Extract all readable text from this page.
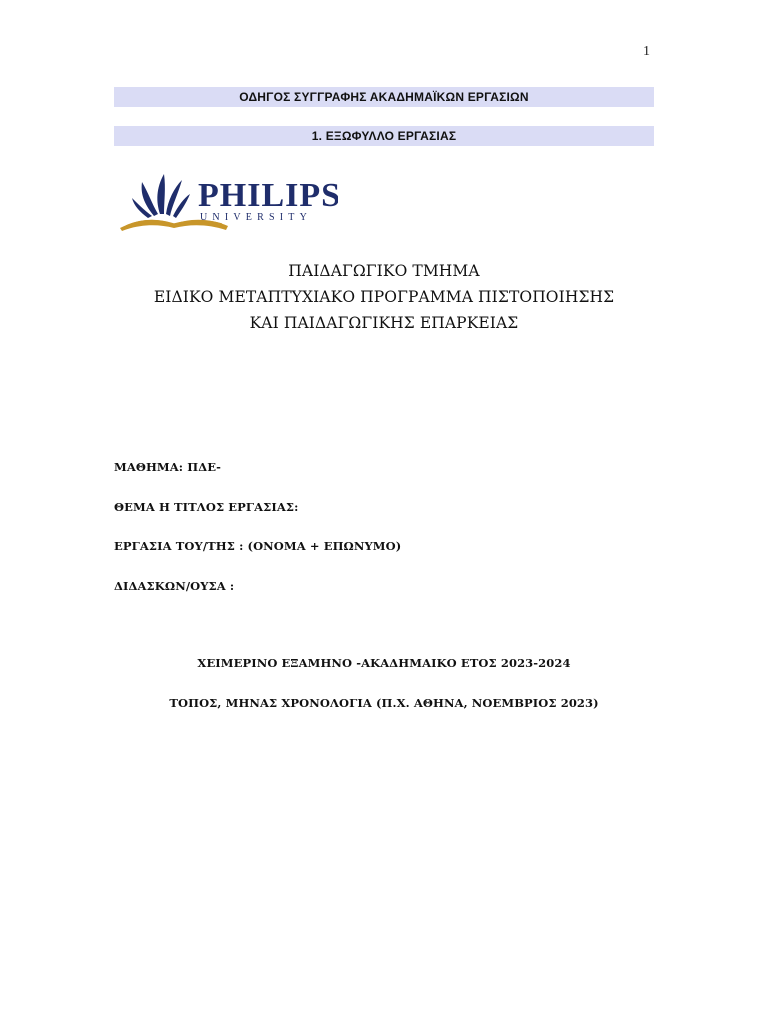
1
ΟΔΗΓΟΣ ΣΥΓΓΡΑΦΗΣ ΑΚΑΔΗΜΑΪΚΩΝ ΕΡΓΑΣΙΩΝ
1. ΕΞΩΦΥΛΛΟ ΕΡΓΑΣΙΑΣ
PHILIPS
UNIVERSITY
ΠΑΙΔΑΓΩΓΙΚΟ ΤΜΗΜΑ
ΕΙΔΙΚΟ ΜΕΤΑΠΤΥΧΙΑΚΟ ΠΡΟΓΡΑΜΜΑ ΠΙΣΤΟΠΟΙΗΣΗΣ
ΚΑΙ ΠΑΙΔΑΓΩΓΙΚΗΣ ΕΠΑΡΚΕΙΑΣ
ΜΑΘΗΜΑ: ΠΔΕ-
ΘΕΜΑ Η ΤΙΤΛΟΣ ΕΡΓΑΣΙΑΣ:
ΕΡΓΑΣΙΑ ΤΟΥ/ΤΗΣ : (ΟΝΟΜΑ + ΕΠΩΝΥΜΟ)
ΔΙΔΑΣΚΩΝ/ΟΥΣΑ :
ΧΕΙΜΕΡΙΝΟ ΕΞΑΜΗΝΟ -ΑΚΑΔΗΜΑΙΚΟ ΕΤΟΣ 2023-2024
ΤΟΠΟΣ, ΜΗΝΑΣ ΧΡΟΝΟΛΟΓΙΑ (Π.Χ. ΑΘΗΝΑ, ΝΟΕΜΒΡΙΟΣ 2023)
